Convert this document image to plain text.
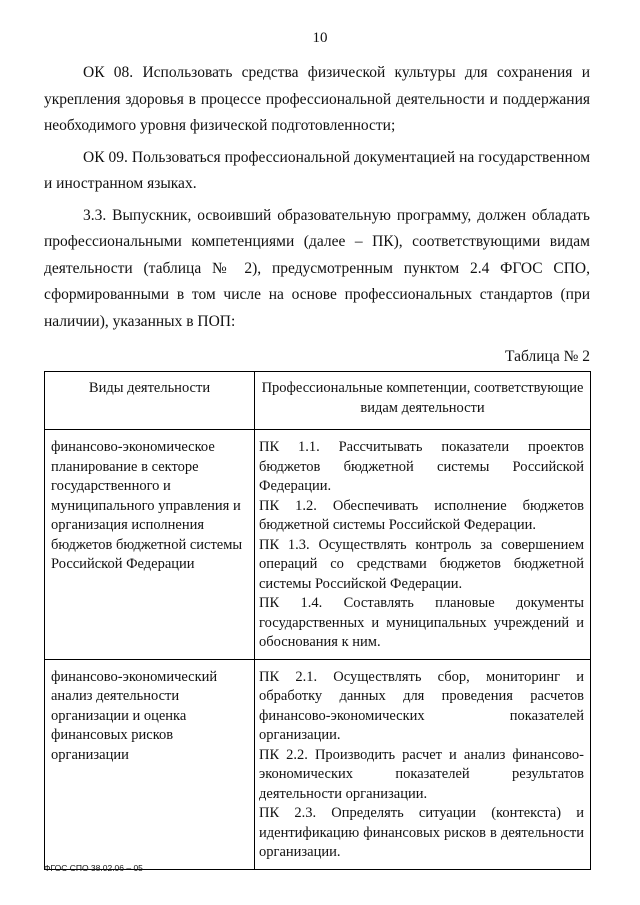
10

ОК 08. Использовать средства физической культуры для сохранения и укрепления здоровья в процессе профессиональной деятельности и поддержания необходимого уровня физической подготовленности;

ОК 09. Пользоваться профессиональной документацией на государственном и иностранном языках.

3.3. Выпускник, освоивший образовательную программу, должен обладать профессиональными компетенциями (далее – ПК), соответствующими видам деятельности (таблица № 2), предусмотренным пунктом 2.4 ФГОС СПО, сформированными в том числе на основе профессиональных стандартов (при наличии), указанных в ПОП:

Таблица № 2

Виды деятельности	Профессиональные компетенции, соответствующие видам деятельности
финансово-экономическое планирование в секторе государственного и муниципального управления и организация исполнения бюджетов бюджетной системы Российской Федерации	ПК 1.1. Рассчитывать показатели проектов бюджетов бюджетной системы Российской Федерации.

ПК 1.2. Обеспечивать исполнение бюджетов бюджетной системы Российской Федерации.

ПК 1.3. Осуществлять контроль за совершением операций со средствами бюджетов бюджетной системы Российской Федерации.

ПК 1.4. Составлять плановые документы государственных и муниципальных учреждений и обоснования к ним.

финансово-экономический анализ деятельности организации и оценка финансовых рисков организации	ПК 2.1. Осуществлять сбор, мониторинг и обработку данных для проведения расчетов финансово-экономических показателей организации.

ПК 2.2. Производить расчет и анализ финансово-экономических показателей результатов деятельности организации.

ПК 2.3. Определять ситуации (контекста) и идентификацию финансовых рисков в деятельности организации.

ФГОС СПО 38.02.06 – 05
